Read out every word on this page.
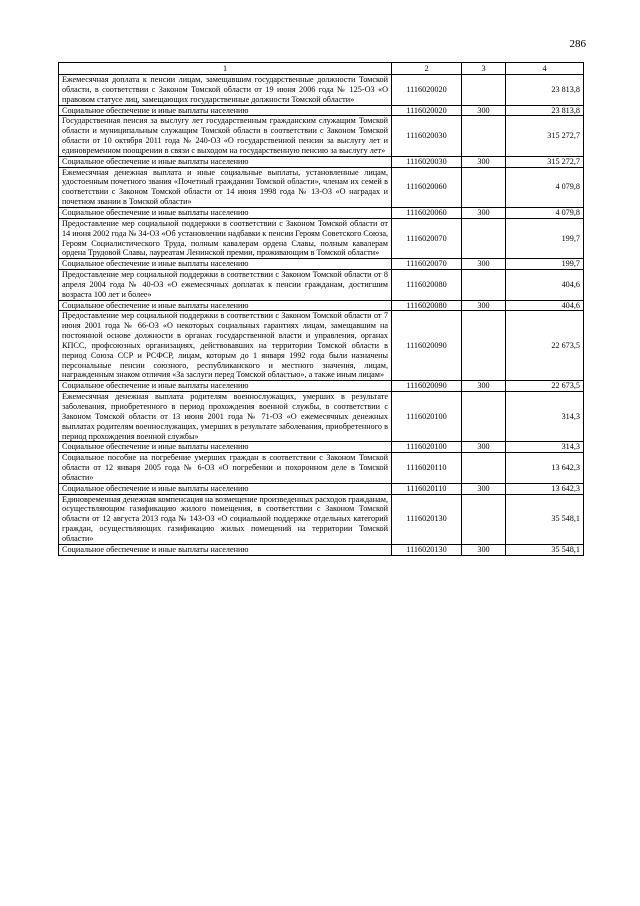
286
1	2	3	4
Ежемесячная доплата к пенсии лицам, замещавшим государственные должности Томской области, в соответствии с Законом Томской области от 19 июня 2006 года № 125-ОЗ «О правовом статусе лиц, замещающих государственные должности Томской области»	1116020020		23 813,8
Социальное обеспечение и иные выплаты населению	1116020020	300	23 813,8
Государственная пенсия за выслугу лет государственным гражданским служащим Томской области и муниципальным служащим Томской области в соответствии с Законом Томской области от 10 октября 2011 года № 240-ОЗ «О государственной пенсии за выслугу лет и единовременном поощрении в связи с выходом на государственную пенсию за выслугу лет»	1116020030		315 272,7
Социальное обеспечение и иные выплаты населению	1116020030	300	315 272,7
Ежемесячная денежная выплата и иные социальные выплаты, установленные лицам, удостоенным почетного звания «Почетный гражданин Томской области», членам их семей в соответствии с Законом Томской области от 14 июня 1998 года № 13-ОЗ «О наградах и почетном звании в Томской области»	1116020060		4 079,8
Социальное обеспечение и иные выплаты населению	1116020060	300	4 079,8
Предоставление мер социальной поддержки в соответствии с Законом Томской области от 14 июня 2002 года № 34-ОЗ «Об установлении надбавки к пенсии Героям Советского Союза, Героям Социалистического Труда, полным кавалерам ордена Славы, полным кавалерам ордена Трудовой Славы, лауреатам Ленинской премии, проживающим в Томской области»	1116020070		199,7
Социальное обеспечение и иные выплаты населению	1116020070	300	199,7
Предоставление мер социальной поддержки в соответствии с Законом Томской области от 8 апреля 2004 года № 40-ОЗ «О ежемесячных доплатах к пенсии гражданам, достигшим возраста 100 лет и более»	1116020080		404,6
Социальное обеспечение и иные выплаты населению	1116020080	300	404,6
Предоставление мер социальной поддержки в соответствии с Законом Томской области от 7 июня 2001 года № 66-ОЗ «О некоторых социальных гарантиях лицам, замещавшим на постоянной основе должности в органах государственной власти и управления, органах КПСС, профсоюзных организациях, действовавших на территории Томской области в период Союза ССР и РСФСР, лицам, которым до 1 января 1992 года были назначены персональные пенсии союзного, республиканского и местного значения, лицам, награжденным знаком отличия «За заслуги перед Томской областью», а также иным лицам»	1116020090		22 673,5
Социальное обеспечение и иные выплаты населению	1116020090	300	22 673,5
Ежемесячная денежная выплата родителям военнослужащих, умерших в результате заболевания, приобретенного в период прохождения военной службы, в соответствии с Законом Томской области от 13 июня 2001 года № 71-ОЗ «О ежемесячных денежных выплатах родителям военнослужащих, умерших в результате заболевания, приобретенного в период прохождения военной службы»	1116020100		314,3
Социальное обеспечение и иные выплаты населению	1116020100	300	314,3
Социальное пособие на погребение умерших граждан в соответствии с Законом Томской области от 12 января 2005 года № 6-ОЗ «О погребении и похоронном деле в Томской области»	1116020110		13 642,3
Социальное обеспечение и иные выплаты населению	1116020110	300	13 642,3
Единовременная денежная компенсация на возмещение произведенных расходов гражданам, осуществляющим газификацию жилого помещения, в соответствии с Законом Томской области от 12 августа 2013 года № 143-ОЗ «О социальной поддержке отдельных категорий граждан, осуществляющих газификацию жилых помещений на территории Томской области»	1116020130		35 548,1
Социальное обеспечение и иные выплаты населению	1116020130	300	35 548,1
